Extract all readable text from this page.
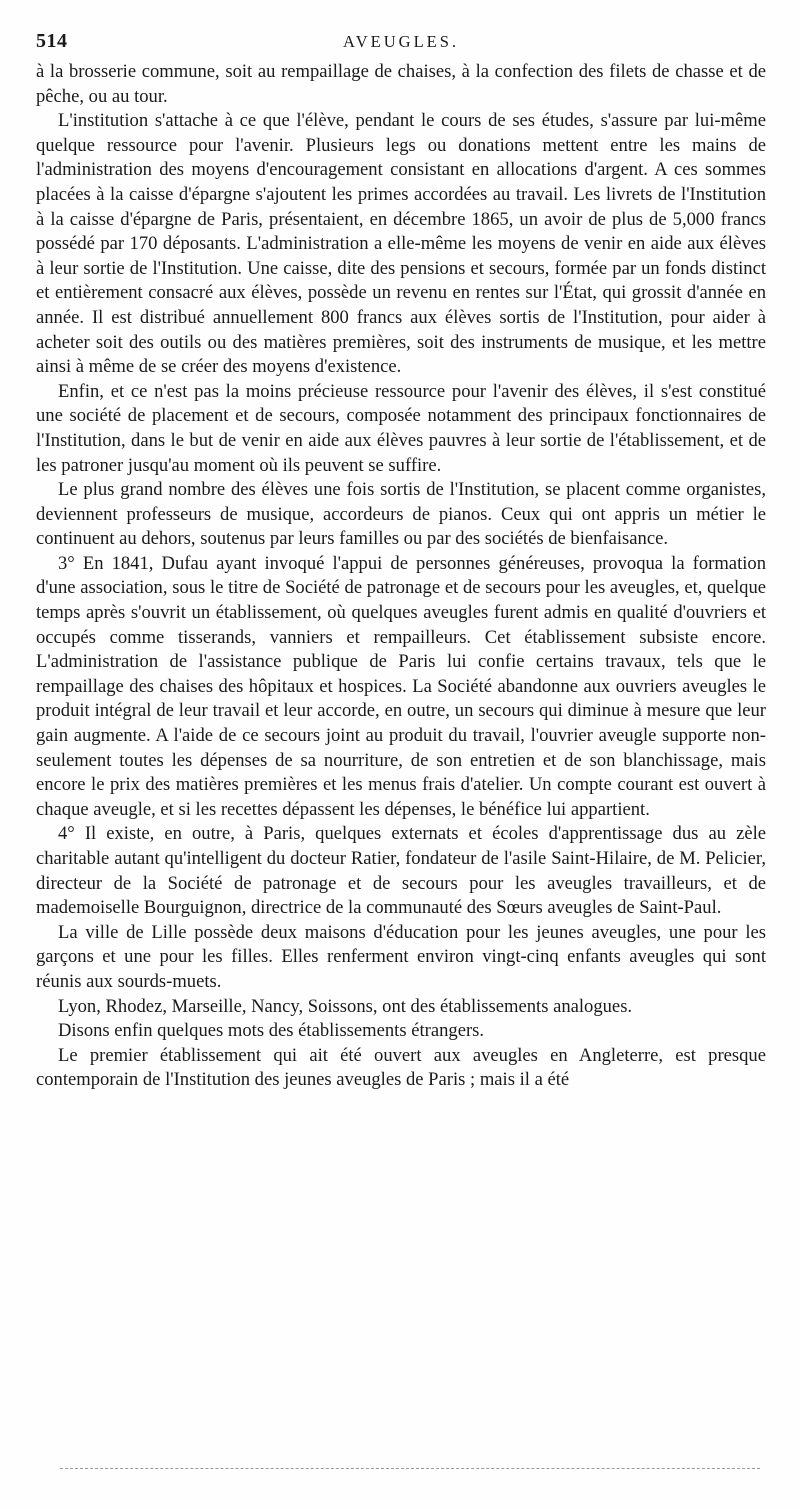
514	AVEUGLES.

à la brosserie commune, soit au rempaillage de chaises, à la confection des filets de chasse et de pêche, ou au tour.

L'institution s'attache à ce que l'élève, pendant le cours de ses études, s'assure par lui-même quelque ressource pour l'avenir. Plusieurs legs ou donations mettent entre les mains de l'administration des moyens d'encouragement consistant en allocations d'argent. A ces sommes placées à la caisse d'épargne s'ajoutent les primes accordées au travail. Les livrets de l'Institution à la caisse d'épargne de Paris, présentaient, en décembre 1865, un avoir de plus de 5,000 francs possédé par 170 déposants. L'administration a elle-même les moyens de venir en aide aux élèves à leur sortie de l'Institution. Une caisse, dite des pensions et secours, formée par un fonds distinct et entièrement consacré aux élèves, possède un revenu en rentes sur l'État, qui grossit d'année en année. Il est distribué annuellement 800 francs aux élèves sortis de l'Institution, pour aider à acheter soit des outils ou des matières premières, soit des instruments de musique, et les mettre ainsi à même de se créer des moyens d'existence.

Enfin, et ce n'est pas la moins précieuse ressource pour l'avenir des élèves, il s'est constitué une société de placement et de secours, composée notamment des principaux fonctionnaires de l'Institution, dans le but de venir en aide aux élèves pauvres à leur sortie de l'établissement, et de les patroner jusqu'au moment où ils peuvent se suffire.

Le plus grand nombre des élèves une fois sortis de l'Institution, se placent comme organistes, deviennent professeurs de musique, accordeurs de pianos. Ceux qui ont appris un métier le continuent au dehors, soutenus par leurs familles ou par des sociétés de bienfaisance.

3° En 1841, Dufau ayant invoqué l'appui de personnes généreuses, provoqua la formation d'une association, sous le titre de Société de patronage et de secours pour les aveugles, et, quelque temps après s'ouvrit un établissement, où quelques aveugles furent admis en qualité d'ouvriers et occupés comme tisserands, vanniers et rempailleurs. Cet établissement subsiste encore. L'administration de l'assistance publique de Paris lui confie certains travaux, tels que le rempaillage des chaises des hôpitaux et hospices. La Société abandonne aux ouvriers aveugles le produit intégral de leur travail et leur accorde, en outre, un secours qui diminue à mesure que leur gain augmente. A l'aide de ce secours joint au produit du travail, l'ouvrier aveugle supporte non-seulement toutes les dépenses de sa nourriture, de son entretien et de son blanchissage, mais encore le prix des matières premières et les menus frais d'atelier. Un compte courant est ouvert à chaque aveugle, et si les recettes dépassent les dépenses, le bénéfice lui appartient.

4° Il existe, en outre, à Paris, quelques externats et écoles d'apprentissage dus au zèle charitable autant qu'intelligent du docteur Ratier, fondateur de l'asile Saint-Hilaire, de M. Pelicier, directeur de la Société de patronage et de secours pour les aveugles travailleurs, et de mademoiselle Bourguignon, directrice de la communauté des Sœurs aveugles de Saint-Paul.

La ville de Lille possède deux maisons d'éducation pour les jeunes aveugles, une pour les garçons et une pour les filles. Elles renferment environ vingt-cinq enfants aveugles qui sont réunis aux sourds-muets.

Lyon, Rhodez, Marseille, Nancy, Soissons, ont des établissements analogues.

Disons enfin quelques mots des établissements étrangers.

Le premier établissement qui ait été ouvert aux aveugles en Angleterre, est presque contemporain de l'Institution des jeunes aveugles de Paris ; mais il a été
